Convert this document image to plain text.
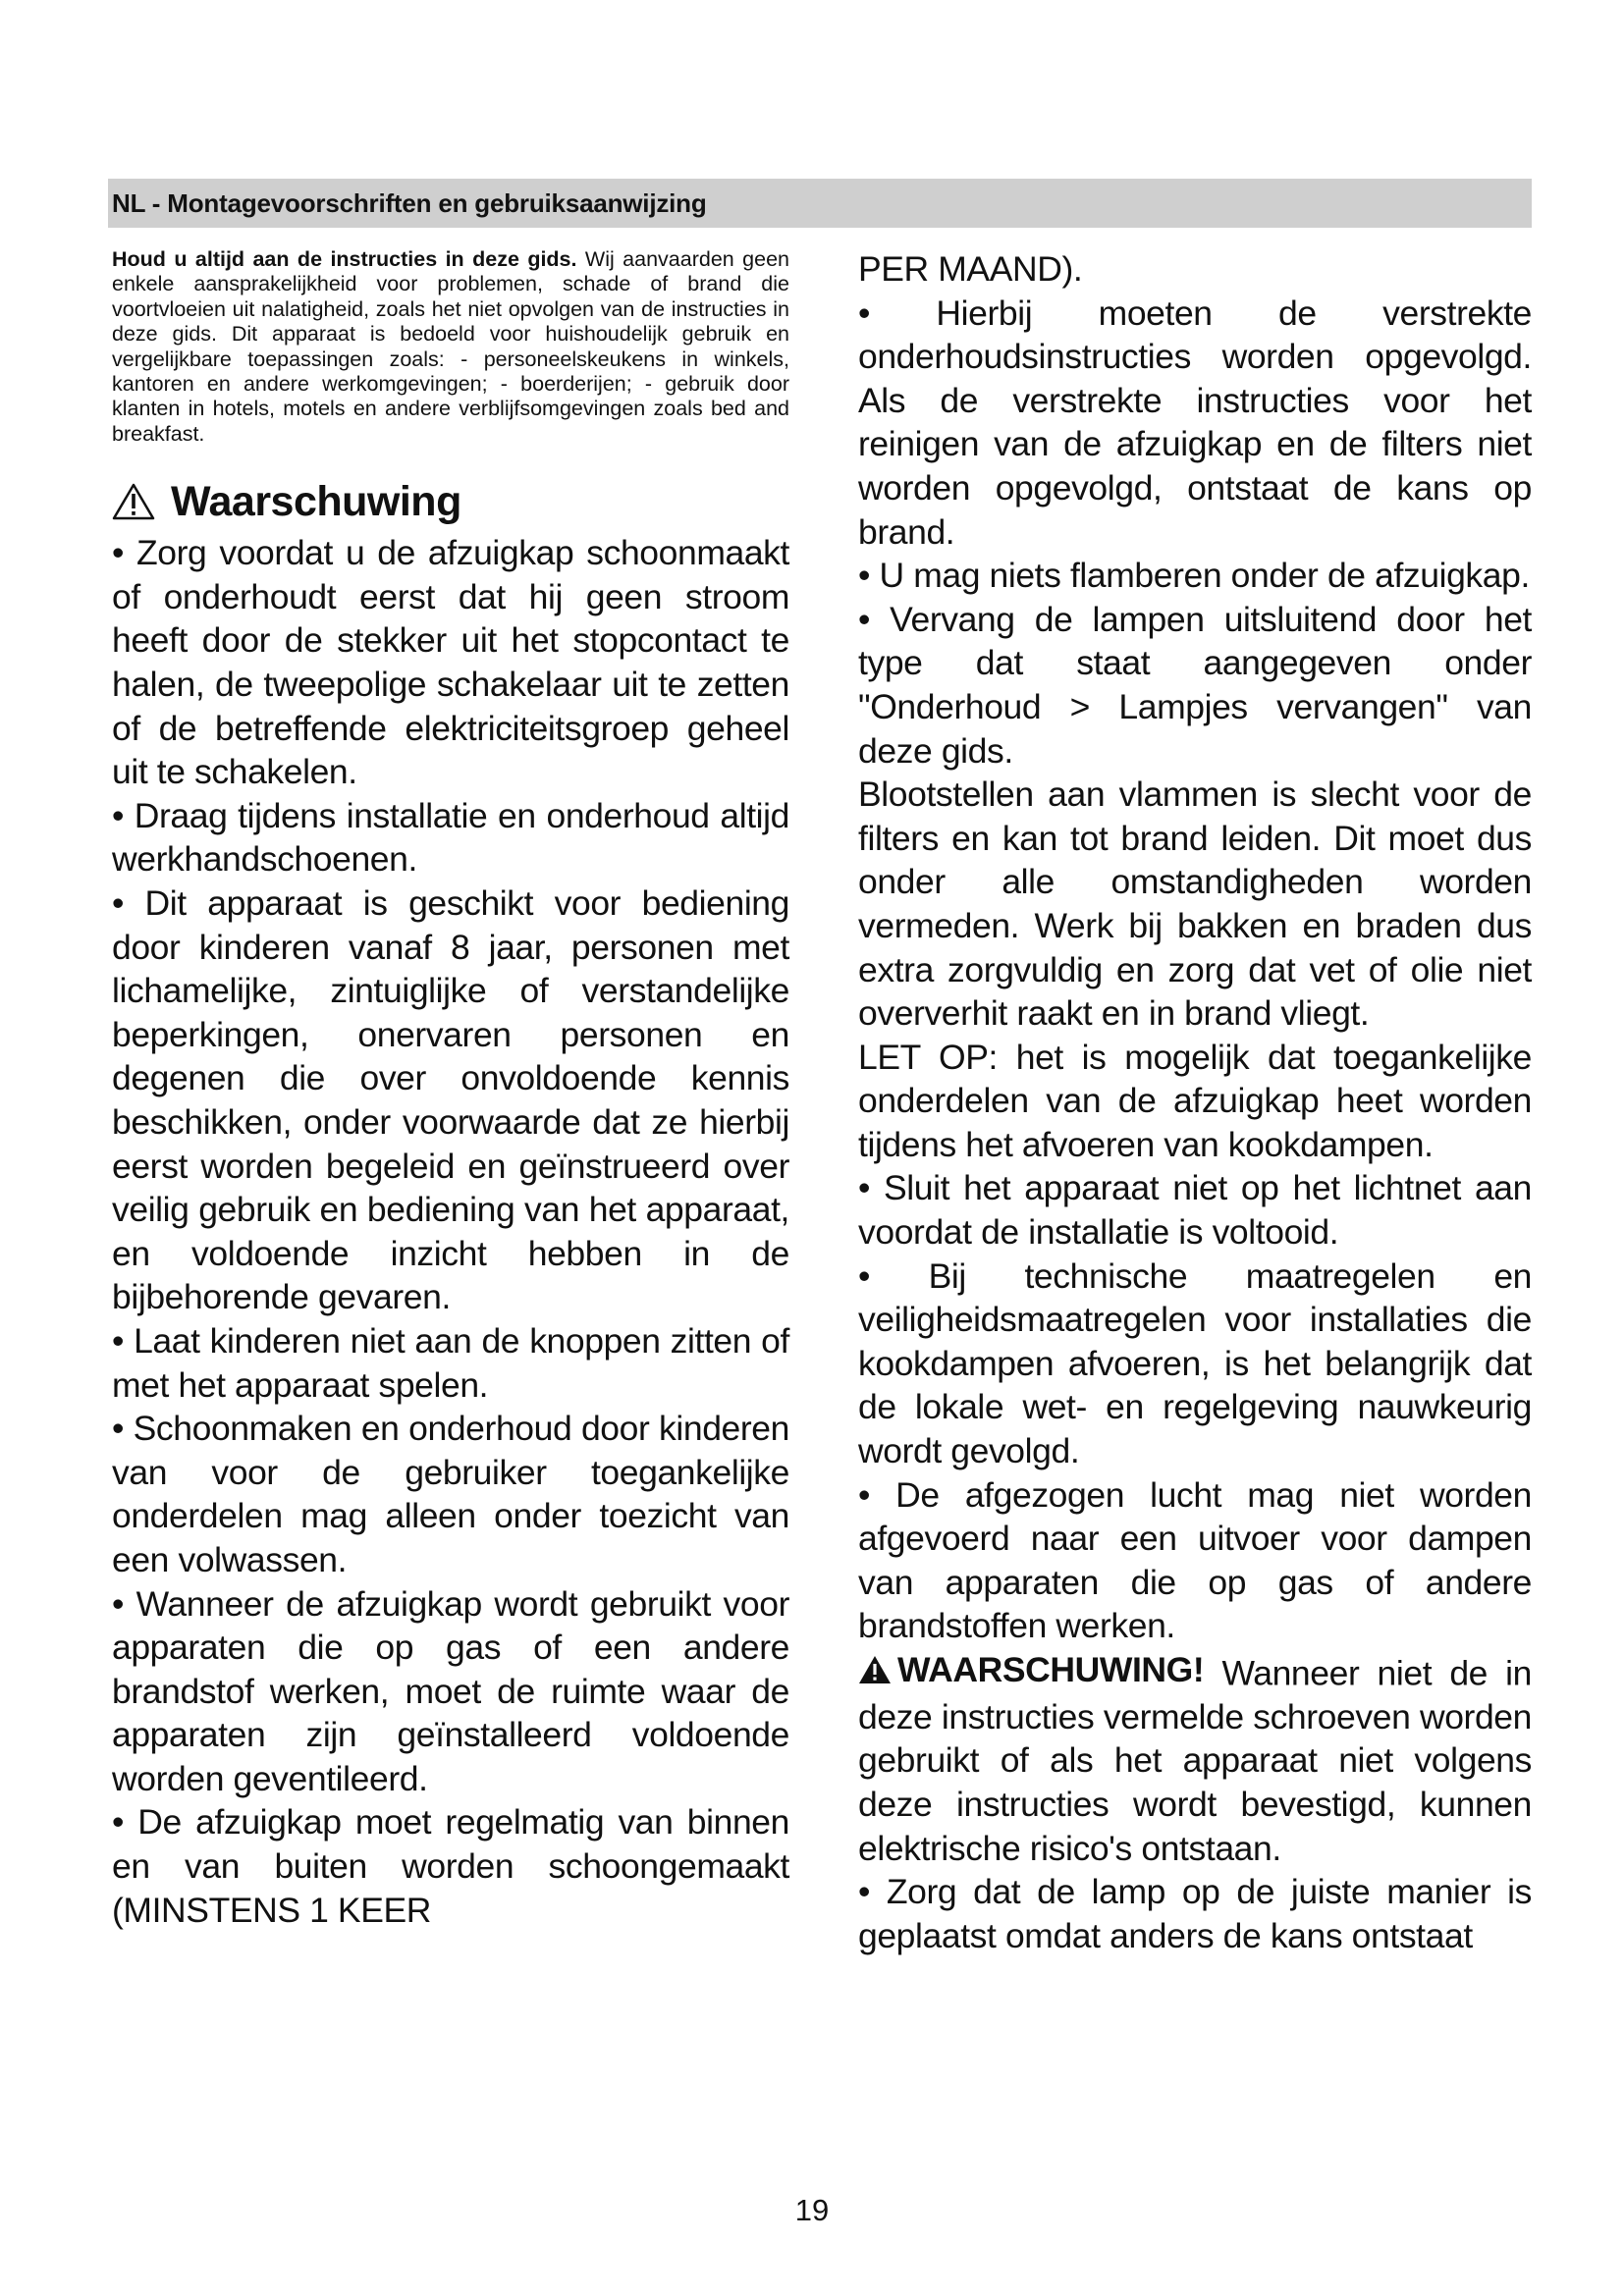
NL - Montagevoorschriften en gebruiksaanwijzing

Houd u altijd aan de instructies in deze gids. Wij aanvaarden geen enkele aansprakelijkheid voor problemen, schade of brand die voortvloeien uit nalatigheid, zoals het niet opvolgen van de instructies in deze gids. Dit apparaat is bedoeld voor huishoudelijk gebruik en vergelijkbare toepassingen zoals: - personeelskeukens in winkels, kantoren en andere werkomgevingen; - boerderijen; - gebruik door klanten in hotels, motels en andere verblijfsomgevingen zoals bed and breakfast.

Waarschuwing

• Zorg voordat u de afzuigkap schoonmaakt of onderhoudt eerst dat hij geen stroom heeft door de stekker uit het stopcontact te halen, de tweepolige schakelaar uit te zetten of de betreffende elektriciteitsgroep geheel uit te schakelen.

• Draag tijdens installatie en onderhoud altijd werkhandschoenen.

• Dit apparaat is geschikt voor bediening door kinderen vanaf 8 jaar, personen met lichamelijke, zintuiglijke of verstandelijke beperkingen, onervaren personen en degenen die over onvoldoende kennis beschikken, onder voorwaarde dat ze hierbij eerst worden begeleid en geïnstrueerd over veilig gebruik en bediening van het apparaat, en voldoende inzicht hebben in de bijbehorende gevaren.

• Laat kinderen niet aan de knoppen zitten of met het apparaat spelen.

• Schoonmaken en onderhoud door kinderen van voor de gebruiker toegankelijke onderdelen mag alleen onder toezicht van een volwassen.

• Wanneer de afzuigkap wordt gebruikt voor apparaten die op gas of een andere brandstof werken, moet de ruimte waar de apparaten zijn geïnstalleerd voldoende worden geventileerd.

• De afzuigkap moet regelmatig van binnen en van buiten worden schoongemaakt (MINSTENS 1 KEER

PER MAAND).

• Hierbij moeten de verstrekte onderhoudsinstructies worden opgevolgd. Als de verstrekte instructies voor het reinigen van de afzuigkap en de filters niet worden opgevolgd, ontstaat de kans op brand.

• U mag niets flamberen onder de afzuigkap.

• Vervang de lampen uitsluitend door het type dat staat aangegeven onder "Onderhoud > Lampjes vervangen" van deze gids.

Blootstellen aan vlammen is slecht voor de filters en kan tot brand leiden. Dit moet dus onder alle omstandigheden worden vermeden. Werk bij bakken en braden dus extra zorgvuldig en zorg dat vet of olie niet oververhit raakt en in brand vliegt.

LET OP: het is mogelijk dat toegankelijke onderdelen van de afzuigkap heet worden tijdens het afvoeren van kookdampen.

• Sluit het apparaat niet op het lichtnet aan voordat de installatie is voltooid.

• Bij technische maatregelen en veiligheidsmaatregelen voor installaties die kookdampen afvoeren, is het belangrijk dat de lokale wet- en regelgeving nauwkeurig wordt gevolgd.

• De afgezogen lucht mag niet worden afgevoerd naar een uitvoer voor dampen van apparaten die op gas of andere brandstoffen werken.

WAARSCHUWING! Wanneer niet de in deze instructies vermelde schroeven worden gebruikt of als het apparaat niet volgens deze instructies wordt bevestigd, kunnen elektrische risico's ontstaan.

• Zorg dat de lamp op de juiste manier is geplaatst omdat anders de kans ontstaat

19
